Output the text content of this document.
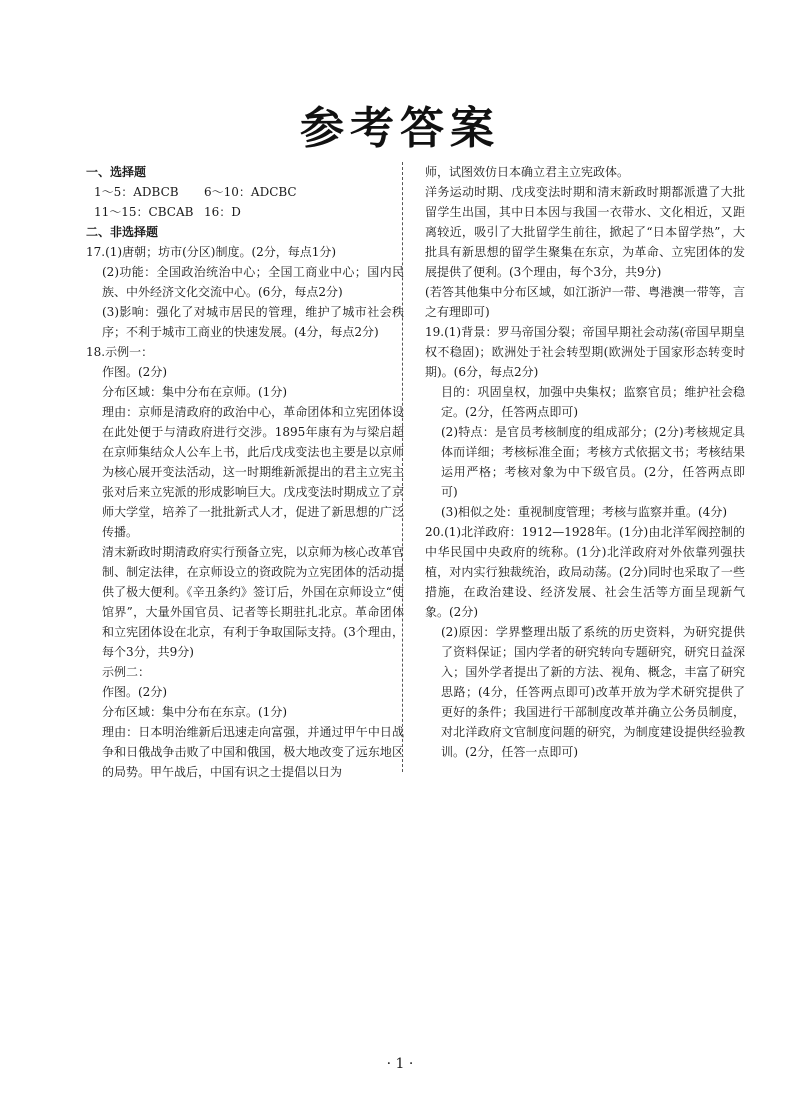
参考答案

一、选择题

1～5：ADBCB 6～10：ADCBC

11～15：CBCAB 16：D

二、非选择题

17.(1)唐朝；坊市(分区)制度。(2分，每点1分)

(2)功能：全国政治统治中心；全国工商业中心；国内民族、中外经济文化交流中心。(6分，每点2分)

(3)影响：强化了对城市居民的管理，维护了城市社会秩序；不利于城市工商业的快速发展。(4分，每点2分)

18.示例一：

作图。(2分)

分布区域：集中分布在京师。(1分)

理由：京师是清政府的政治中心，革命团体和立宪团体设在此处便于与清政府进行交涉。1895年康有为与梁启超在京师集结众人公车上书，此后戊戌变法也主要是以京师为核心展开变法活动，这一时期维新派提出的君主立宪主张对后来立宪派的形成影响巨大。戊戌变法时期成立了京师大学堂，培养了一批批新式人才，促进了新思想的广泛传播。

清末新政时期清政府实行预备立宪，以京师为核心改革官制、制定法律，在京师设立的资政院为立宪团体的活动提供了极大便利。《辛丑条约》签订后，外国在京师设立“使馆界”，大量外国官员、记者等长期驻扎北京。革命团体和立宪团体设在北京，有利于争取国际支持。(3个理由，每个3分，共9分)

示例二：

作图。(2分)

分布区域：集中分布在东京。(1分)

理由：日本明治维新后迅速走向富强，并通过甲午中日战争和日俄战争击败了中国和俄国，极大地改变了远东地区的局势。甲午战后，中国有识之士提倡以日为

师，试图效仿日本确立君主立宪政体。

洋务运动时期、戊戌变法时期和清末新政时期都派遣了大批留学生出国，其中日本因与我国一衣带水、文化相近，又距离较近，吸引了大批留学生前往，掀起了“日本留学热”，大批具有新思想的留学生聚集在东京，为革命、立宪团体的发展提供了便利。(3个理由，每个3分，共9分)

(若答其他集中分布区域，如江浙沪一带、粤港澳一带等，言之有理即可)

19.(1)背景：罗马帝国分裂；帝国早期社会动荡(帝国早期皇权不稳固)；欧洲处于社会转型期(欧洲处于国家形态转变时期)。(6分，每点2分)

目的：巩固皇权，加强中央集权；监察官员；维护社会稳定。(2分，任答两点即可)

(2)特点：是官员考核制度的组成部分；(2分)考核规定具体而详细；考核标准全面；考核方式依据文书；考核结果运用严格；考核对象为中下级官员。(2分，任答两点即可)

(3)相似之处：重视制度管理；考核与监察并重。(4分)

20.(1)北洋政府：1912—1928年。(1分)由北洋军阀控制的中华民国中央政府的统称。(1分)北洋政府对外依靠列强扶植，对内实行独裁统治，政局动荡。(2分)同时也采取了一些措施，在政治建设、经济发展、社会生活等方面呈现新气象。(2分)

(2)原因：学界整理出版了系统的历史资料，为研究提供了资料保证；国内学者的研究转向专题研究，研究日益深入；国外学者提出了新的方法、视角、概念，丰富了研究思路；(4分，任答两点即可)改革开放为学术研究提供了更好的条件；我国进行干部制度改革并确立公务员制度，对北洋政府文官制度问题的研究，为制度建设提供经验教训。(2分，任答一点即可)

· 1 ·
